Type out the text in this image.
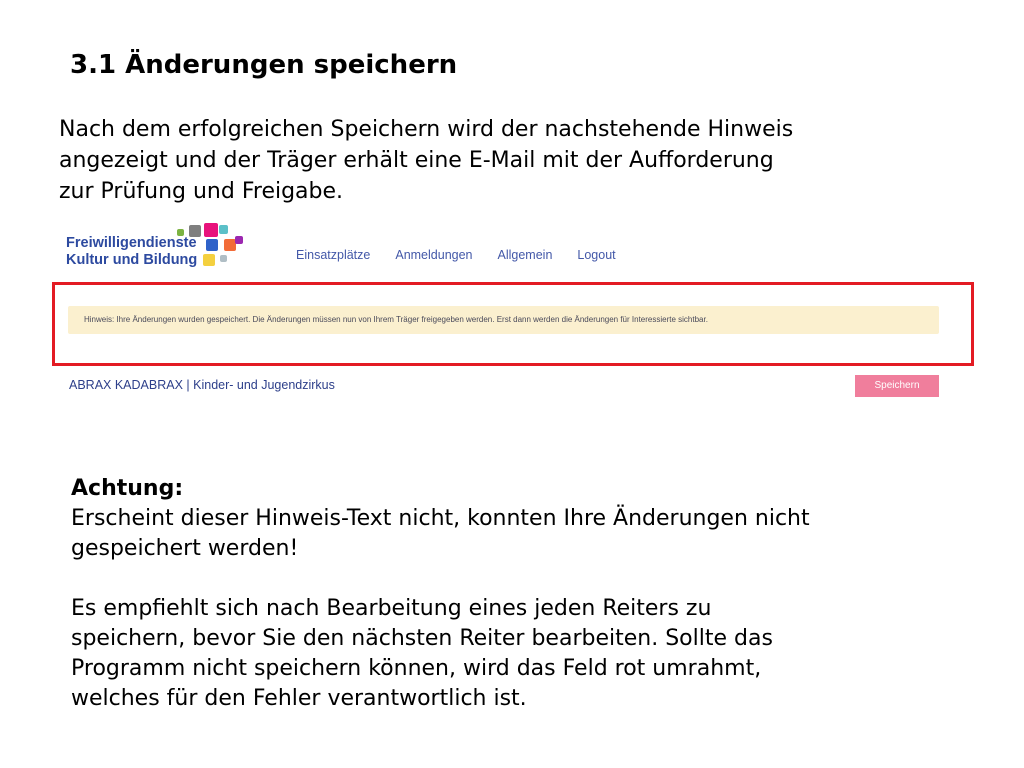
3.1 Änderungen speichern
Nach dem erfolgreichen Speichern wird der nachstehende Hinweis
angezeigt und der Träger erhält eine E-Mail mit der Aufforderung
zur Prüfung und Freigabe.
Freiwilligendienste
Kultur und Bildung	Einsatzplätze Anmeldungen Allgemein Logout
Hinweis: Ihre Änderungen wurden gespeichert. Die Änderungen müssen nun von Ihrem Träger freigegeben werden. Erst dann werden die Änderungen für Interessierte sichtbar.
ABRAX KADABRAX | Kinder- und Jugendzirkus	Speichern
Achtung:
Erscheint dieser Hinweis-Text nicht, konnten Ihre Änderungen nicht
gespeichert werden!
Es empfiehlt sich nach Bearbeitung eines jeden Reiters zu
speichern, bevor Sie den nächsten Reiter bearbeiten. Sollte das
Programm nicht speichern können, wird das Feld rot umrahmt,
welches für den Fehler verantwortlich ist.
